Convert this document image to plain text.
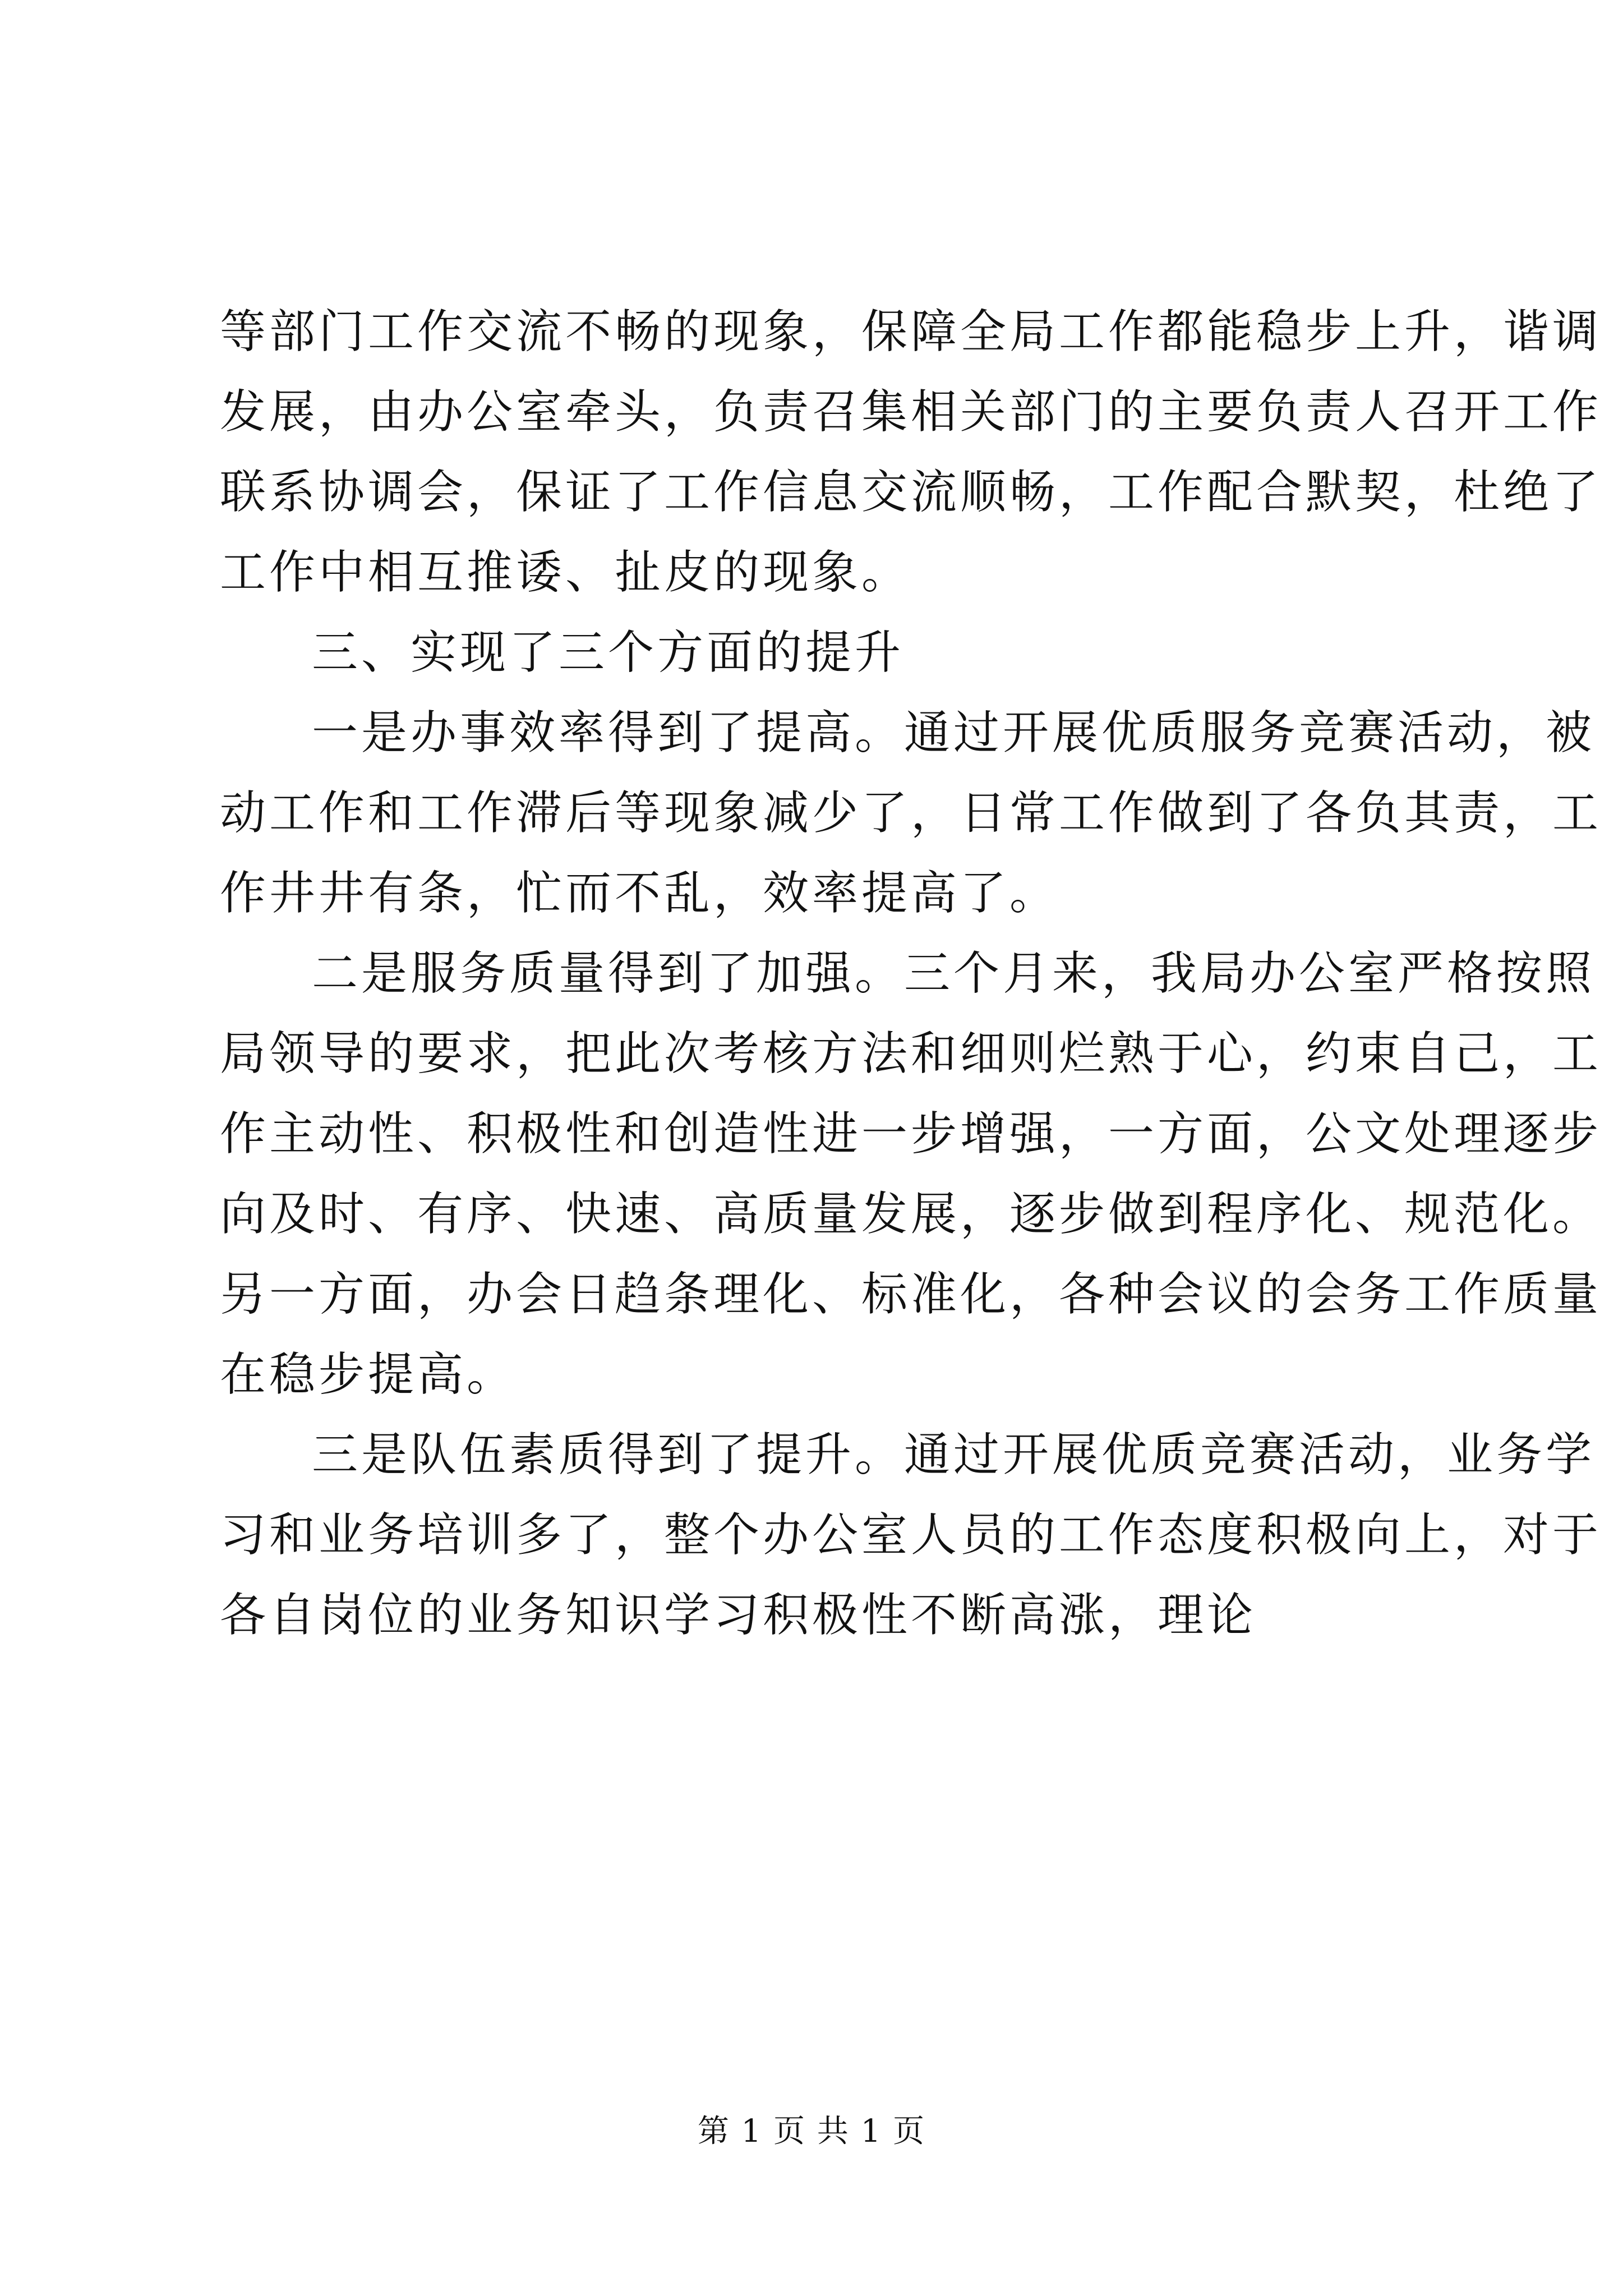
等部门工作交流不畅的现象，保障全局工作都能稳步上升，谐调
发展，由办公室牵头，负责召集相关部门的主要负责人召开工作
联系协调会，保证了工作信息交流顺畅，工作配合默契，杜绝了
工作中相互推诿、扯皮的现象。
三、实现了三个方面的提升
一是办事效率得到了提高。通过开展优质服务竞赛活动，被
动工作和工作滞后等现象减少了，日常工作做到了各负其责，工
作井井有条，忙而不乱，效率提高了。
二是服务质量得到了加强。三个月来，我局办公室严格按照
局领导的要求，把此次考核方法和细则烂熟于心，约束自己，工
作主动性、积极性和创造性进一步增强，一方面，公文处理逐步
向及时、有序、快速、高质量发展，逐步做到程序化、规范化。
另一方面，办会日趋条理化、标准化，各种会议的会务工作质量
在稳步提高。
三是队伍素质得到了提升。通过开展优质竞赛活动，业务学
习和业务培训多了，整个办公室人员的工作态度积极向上，对于
各自岗位的业务知识学习积极性不断高涨，理论
第 1 页 共 1 页
